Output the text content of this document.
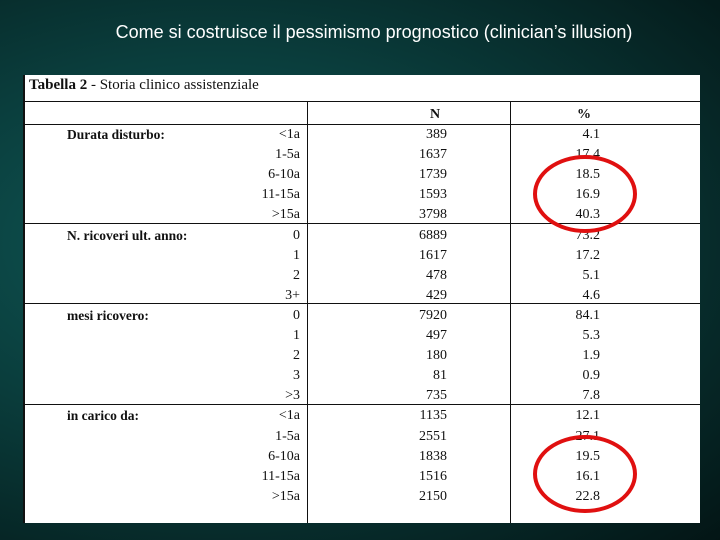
Come si costruisce il pessimismo prognostico (clinician’s illusion)
Tabella 2 - Storia clinico assistenziale
N	%
Durata disturbo:	<1a	389	4.1
1-5a	1637	17.4
6-10a	1739	18.5
11-15a	1593	16.9
>15a	3798	40.3
N. ricoveri ult. anno:	0	6889	73.2
1	1617	17.2
2	478	5.1
3+	429	4.6
mesi ricovero:	0	7920	84.1
1	497	5.3
2	180	1.9
3	81	0.9
>3	735	7.8
in carico da:	<1a	1135	12.1
1-5a	2551	27.1
6-10a	1838	19.5
11-15a	1516	16.1
>15a	2150	22.8
